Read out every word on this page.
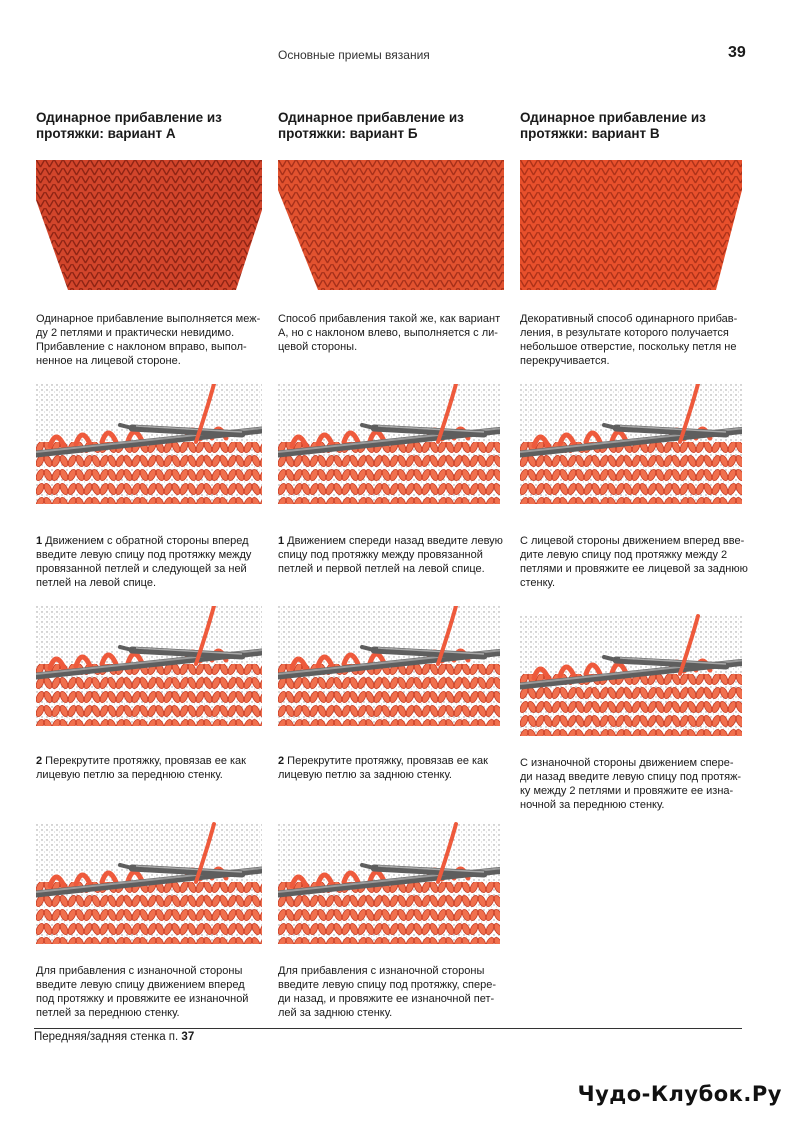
Основные приемы вязания	39
Одинарное прибавление из
протяжки: вариант А
Одинарное прибавление из
протяжки: вариант Б
Одинарное прибавление из
протяжки: вариант В
Одинарное прибавление выполняется меж-
ду 2 петлями и практически невидимо.
Прибавление с наклоном вправо, выпол-
ненное на лицевой стороне.
Способ прибавления такой же, как вариант
А, но с наклоном влево, выполняется с ли-
цевой стороны.
Декоративный способ одинарного прибав-
ления, в результате которого получается
небольшое отверстие, поскольку петля не
перекручивается.
1 Движением с обратной стороны вперед
введите левую спицу под протяжку между
провязанной петлей и следующей за ней
петлей на левой спице.
2 Перекрутите протяжку, провязав ее как
лицевую петлю за переднюю стенку.
Для прибавления с изнаночной стороны
введите левую спицу движением вперед
под протяжку и провяжите ее изнаночной
петлей за переднюю стенку.
1 Движением спереди назад введите левую
спицу под протяжку между провязанной
петлей и первой петлей на левой спице.
2 Перекрутите протяжку, провязав ее как
лицевую петлю за заднюю стенку.
Для прибавления с изнаночной стороны
введите левую спицу под протяжку, спере-
ди назад, и провяжите ее изнаночной пет-
лей за заднюю стенку.
С лицевой стороны движением вперед вве-
дите левую спицу под протяжку между 2
петлями и провяжите ее лицевой за заднюю
стенку.
С изнаночной стороны движением спере-
ди назад введите левую спицу под протяж-
ку между 2 петлями и провяжите ее изна-
ночной за переднюю стенку.
Передняя/задняя стенка п. 37
Чудо-Клубок.Ру
